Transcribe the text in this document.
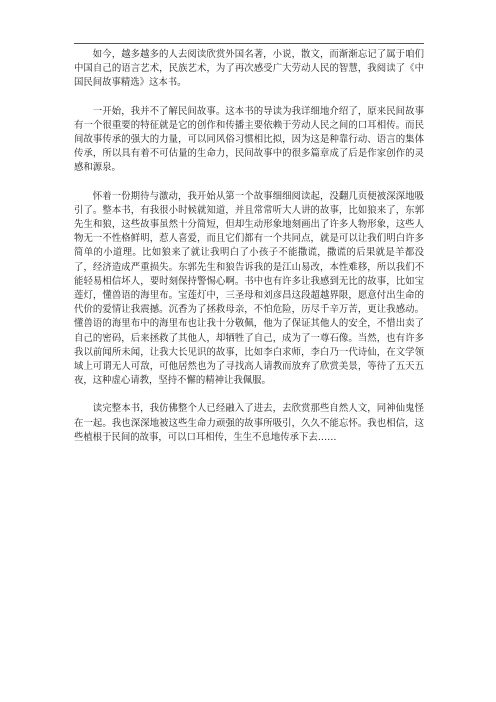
如今，越多越多的人去阅读欣赏外国名著，小说，散文，而渐渐忘记了属于咱们中国自己的语言艺术，民族艺术，为了再次感受广大劳动人民的智慧，我阅读了《中国民间故事精选》这本书。

一开始，我并不了解民间故事。这本书的导读为我详细地介绍了，原来民间故事有一个很重要的特征就是它的创作和传播主要依赖于劳动人民之间的口耳相传。而民间故事传承的强大的力量，可以同风俗习惯相比拟，因为这是种靠行动、语言的集体传承，所以具有着不可估量的生命力，民间故事中的很多篇章成了后是作家创作的灵感和源泉。

怀着一份期待与激动，我开始从第一个故事细细阅读起，没翻几页便被深深地吸引了。整本书，有我很小时候就知道，并且常常听大人讲的故事，比如狼来了，东郭先生和狼，这些故事虽然十分简短，但却生动形象地刻画出了许多人物形象，这些人物无一不性格鲜明，惹人喜爱，而且它们都有一个共同点，就是可以让我们明白许多简单的小道理。比如狼来了就让我明白了小孩子不能撒谎，撒谎的后果就是羊都没了，经济造成严重损失。东郭先生和狼告诉我的是江山易改，本性难移，所以我们不能轻易相信坏人，要时刻保持警惕心啊。书中也有许多让我感到无比的故事，比如宝莲灯，懂兽语的海里布。宝莲灯中，三圣母和刘彦昌这段超越界限，愿意付出生命的代价的爱情让我震撼。沉香为了拯救母亲，不怕危险，历尽千辛万苦，更让我感动。懂兽语的海里布中的海里布也让我十分敬佩，他为了保证其他人的安全，不惜出卖了自己的密码，后来拯救了其他人，却牺牲了自己，成为了一尊石像。当然，也有许多我以前闻所未闻，让我大长见识的故事，比如李白求师，李白乃一代诗仙，在文学领域上可谓无人可敌，可他居然也为了寻找高人请教而放弃了欣赏美景，等待了五天五夜，这种虚心请教，坚持不懈的精神让我佩服。

读完整本书，我仿佛整个人已经融入了进去，去欣赏那些自然人文，同神仙鬼怪在一起。我也深深地被这些生命力顽强的故事所吸引，久久不能忘怀。我也相信，这些植根于民间的故事，可以口耳相传，生生不息地传承下去……
